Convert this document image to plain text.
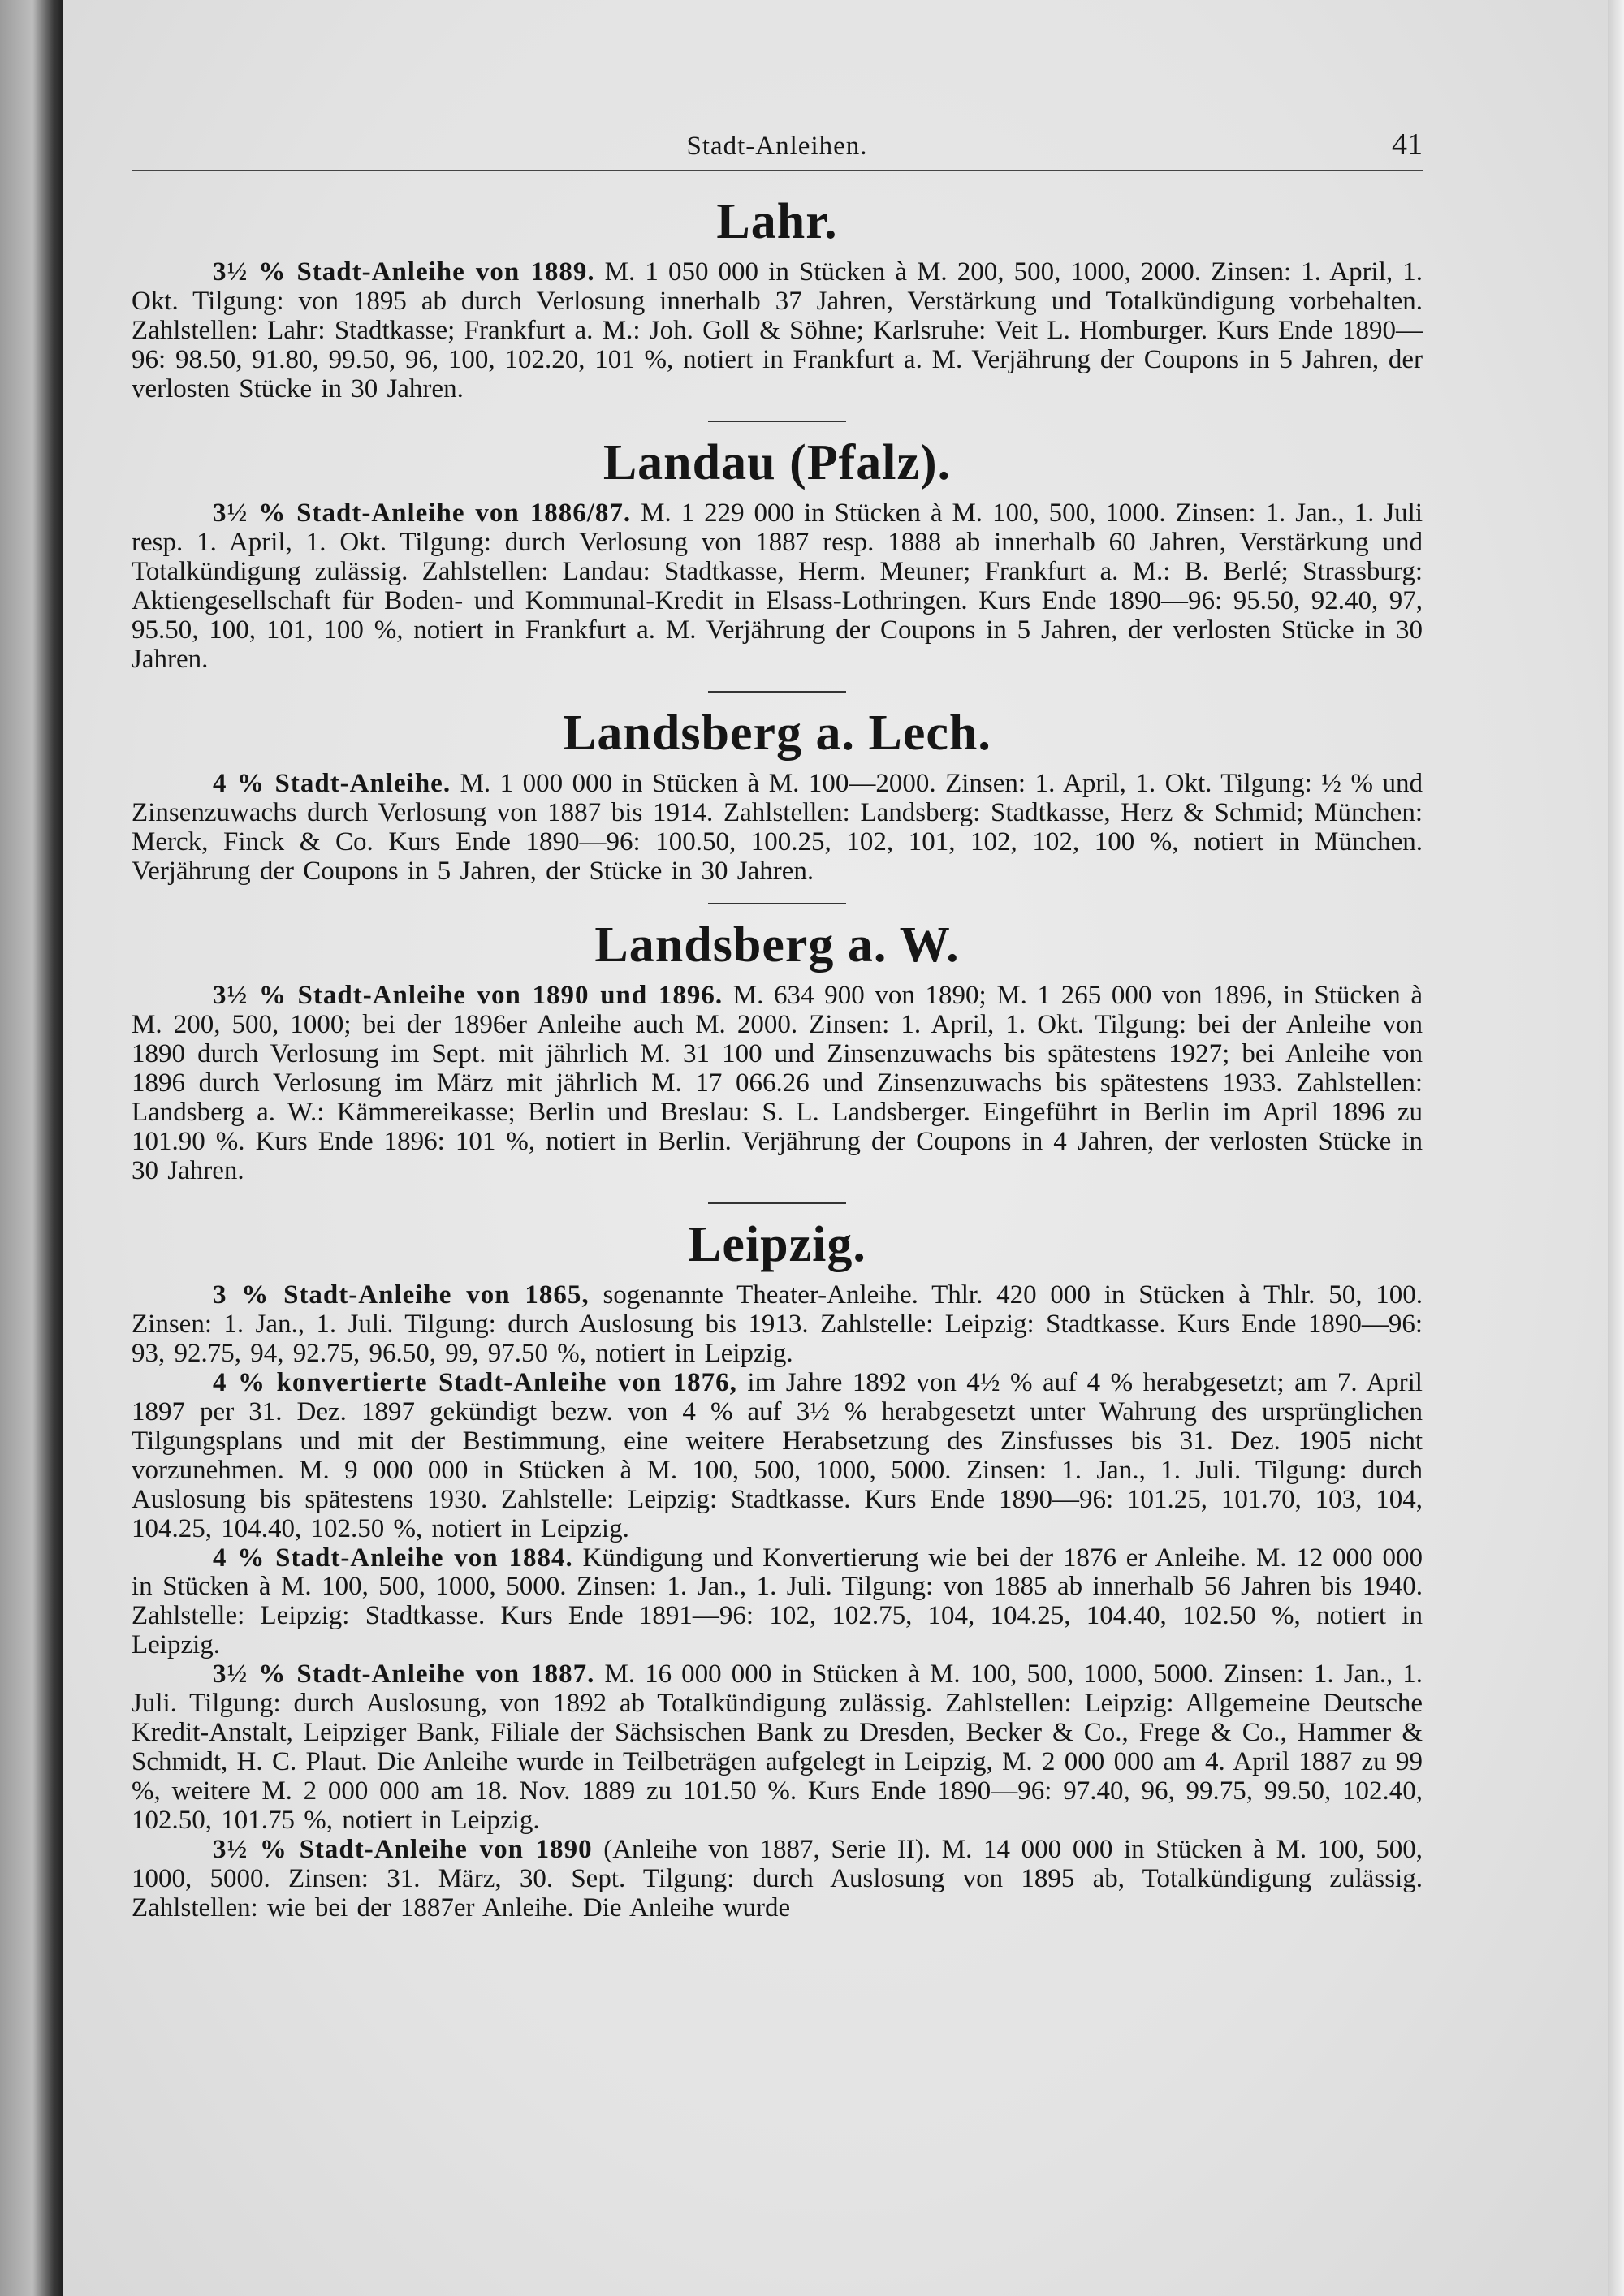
Stadt-Anleihen.	41
Lahr.

3½ % Stadt-Anleihe von 1889. M. 1 050 000 in Stücken à M. 200, 500, 1000, 2000. Zinsen: 1. April, 1. Okt. Tilgung: von 1895 ab durch Verlosung innerhalb 37 Jahren, Verstärkung und Totalkündigung vorbehalten. Zahlstellen: Lahr: Stadtkasse; Frankfurt a. M.: Joh. Goll & Söhne; Karlsruhe: Veit L. Homburger. Kurs Ende 1890—96: 98.50, 91.80, 99.50, 96, 100, 102.20, 101 %, notiert in Frankfurt a. M. Verjährung der Coupons in 5 Jahren, der verlosten Stücke in 30 Jahren.

Landau (Pfalz).

3½ % Stadt-Anleihe von 1886/87. M. 1 229 000 in Stücken à M. 100, 500, 1000. Zinsen: 1. Jan., 1. Juli resp. 1. April, 1. Okt. Tilgung: durch Verlosung von 1887 resp. 1888 ab innerhalb 60 Jahren, Verstärkung und Totalkündigung zulässig. Zahlstellen: Landau: Stadtkasse, Herm. Meuner; Frankfurt a. M.: B. Berlé; Strassburg: Aktiengesellschaft für Boden- und Kommunal-Kredit in Elsass-Lothringen. Kurs Ende 1890—96: 95.50, 92.40, 97, 95.50, 100, 101, 100 %, notiert in Frankfurt a. M. Verjährung der Coupons in 5 Jahren, der verlosten Stücke in 30 Jahren.

Landsberg a. Lech.

4 % Stadt-Anleihe. M. 1 000 000 in Stücken à M. 100—2000. Zinsen: 1. April, 1. Okt. Tilgung: ½ % und Zinsenzuwachs durch Verlosung von 1887 bis 1914. Zahlstellen: Landsberg: Stadtkasse, Herz & Schmid; München: Merck, Finck & Co. Kurs Ende 1890—96: 100.50, 100.25, 102, 101, 102, 102, 100 %, notiert in München. Verjährung der Coupons in 5 Jahren, der Stücke in 30 Jahren.

Landsberg a. W.

3½ % Stadt-Anleihe von 1890 und 1896. M. 634 900 von 1890; M. 1 265 000 von 1896, in Stücken à M. 200, 500, 1000; bei der 1896er Anleihe auch M. 2000. Zinsen: 1. April, 1. Okt. Tilgung: bei der Anleihe von 1890 durch Verlosung im Sept. mit jährlich M. 31 100 und Zinsenzuwachs bis spätestens 1927; bei Anleihe von 1896 durch Verlosung im März mit jährlich M. 17 066.26 und Zinsenzuwachs bis spätestens 1933. Zahlstellen: Landsberg a. W.: Kämmereikasse; Berlin und Breslau: S. L. Landsberger. Eingeführt in Berlin im April 1896 zu 101.90 %. Kurs Ende 1896: 101 %, notiert in Berlin. Verjährung der Coupons in 4 Jahren, der verlosten Stücke in 30 Jahren.

Leipzig.

3 % Stadt-Anleihe von 1865, sogenannte Theater-Anleihe. Thlr. 420 000 in Stücken à Thlr. 50, 100. Zinsen: 1. Jan., 1. Juli. Tilgung: durch Auslosung bis 1913. Zahlstelle: Leipzig: Stadtkasse. Kurs Ende 1890—96: 93, 92.75, 94, 92.75, 96.50, 99, 97.50 %, notiert in Leipzig.

4 % konvertierte Stadt-Anleihe von 1876, im Jahre 1892 von 4½ % auf 4 % herabgesetzt; am 7. April 1897 per 31. Dez. 1897 gekündigt bezw. von 4 % auf 3½ % herabgesetzt unter Wahrung des ursprünglichen Tilgungsplans und mit der Bestimmung, eine weitere Herabsetzung des Zinsfusses bis 31. Dez. 1905 nicht vorzunehmen. M. 9 000 000 in Stücken à M. 100, 500, 1000, 5000. Zinsen: 1. Jan., 1. Juli. Tilgung: durch Auslosung bis spätestens 1930. Zahlstelle: Leipzig: Stadtkasse. Kurs Ende 1890—96: 101.25, 101.70, 103, 104, 104.25, 104.40, 102.50 %, notiert in Leipzig.

4 % Stadt-Anleihe von 1884. Kündigung und Konvertierung wie bei der 1876 er Anleihe. M. 12 000 000 in Stücken à M. 100, 500, 1000, 5000. Zinsen: 1. Jan., 1. Juli. Tilgung: von 1885 ab innerhalb 56 Jahren bis 1940. Zahlstelle: Leipzig: Stadtkasse. Kurs Ende 1891—96: 102, 102.75, 104, 104.25, 104.40, 102.50 %, notiert in Leipzig.

3½ % Stadt-Anleihe von 1887. M. 16 000 000 in Stücken à M. 100, 500, 1000, 5000. Zinsen: 1. Jan., 1. Juli. Tilgung: durch Auslosung, von 1892 ab Totalkündigung zulässig. Zahlstellen: Leipzig: Allgemeine Deutsche Kredit-Anstalt, Leipziger Bank, Filiale der Sächsischen Bank zu Dresden, Becker & Co., Frege & Co., Hammer & Schmidt, H. C. Plaut. Die Anleihe wurde in Teilbeträgen aufgelegt in Leipzig, M. 2 000 000 am 4. April 1887 zu 99 %, weitere M. 2 000 000 am 18. Nov. 1889 zu 101.50 %. Kurs Ende 1890—96: 97.40, 96, 99.75, 99.50, 102.40, 102.50, 101.75 %, notiert in Leipzig.

3½ % Stadt-Anleihe von 1890 (Anleihe von 1887, Serie II). M. 14 000 000 in Stücken à M. 100, 500, 1000, 5000. Zinsen: 31. März, 30. Sept. Tilgung: durch Auslosung von 1895 ab, Totalkündigung zulässig. Zahlstellen: wie bei der 1887er Anleihe. Die Anleihe wurde
